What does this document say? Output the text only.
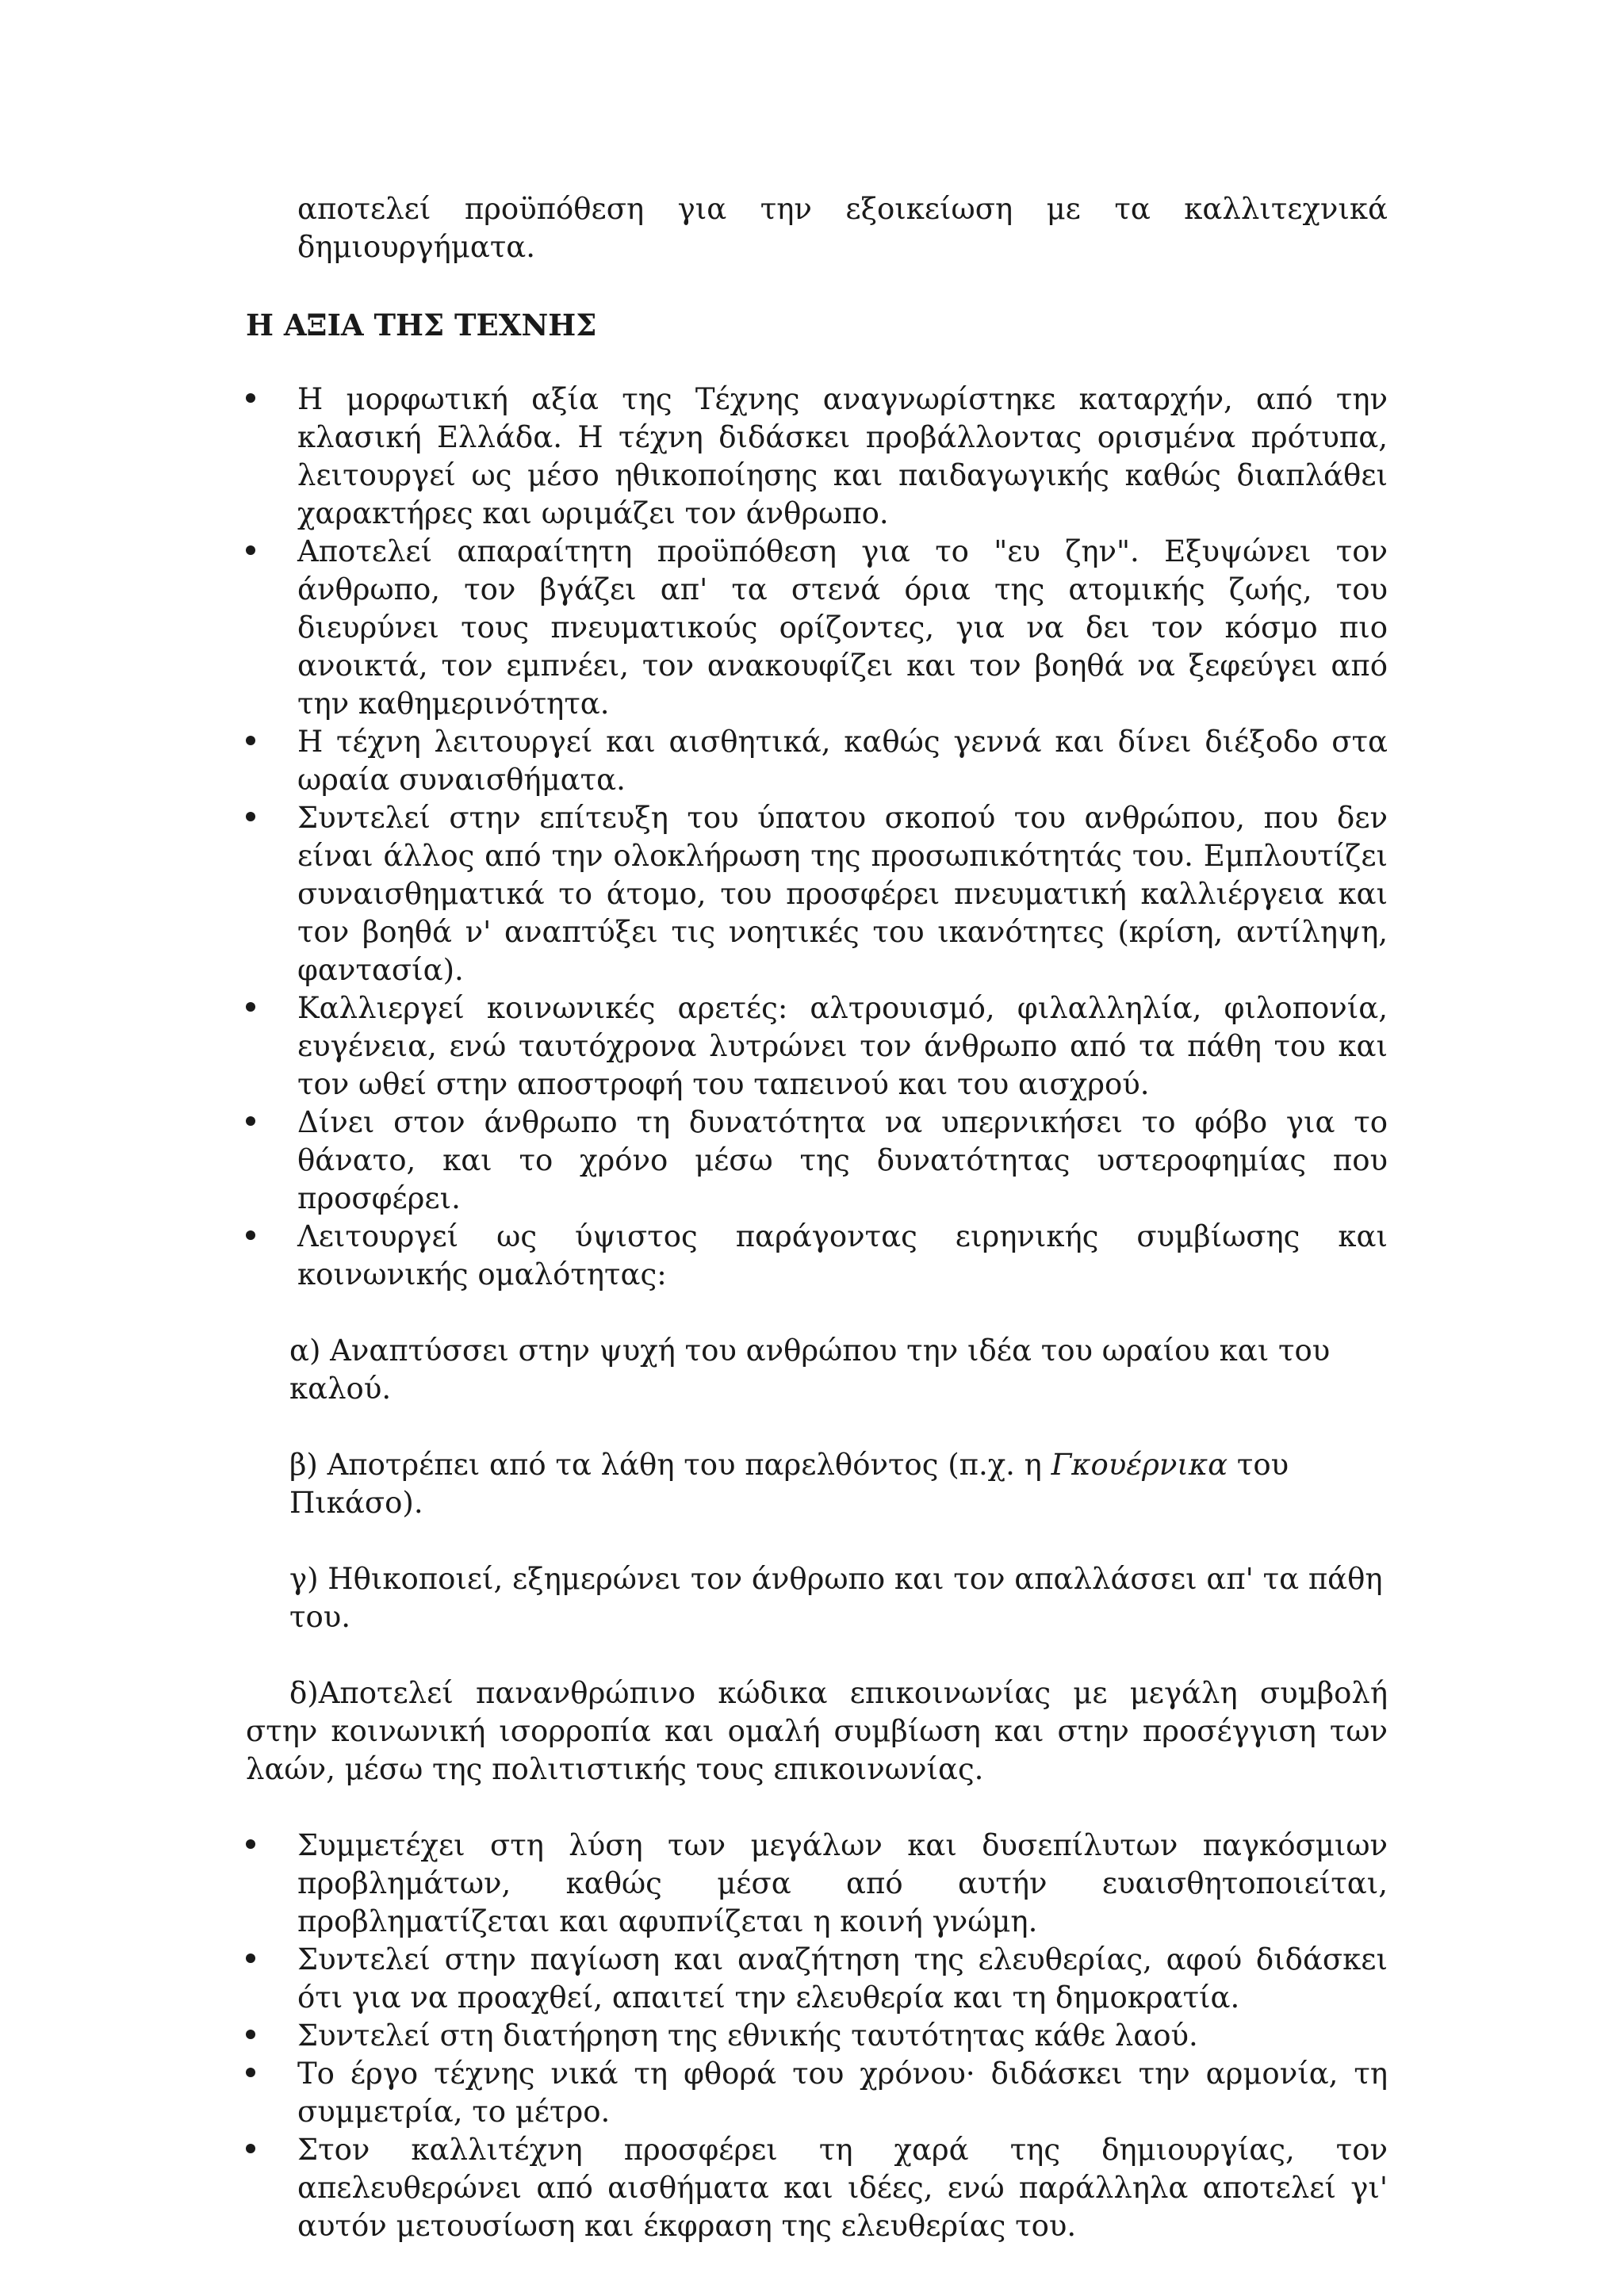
αποτελεί προϋπόθεση για την εξοικείωση με τα καλλιτεχνικά δημιουργήματα.

Η ΑΞΙΑ ΤΗΣ ΤΕΧΝΗΣ
Η μορφωτική αξία της Τέχνης αναγνωρίστηκε καταρχήν, από την κλασική Ελλάδα. Η τέχνη διδάσκει προβάλλοντας ορισμένα πρότυπα, λειτουργεί ως μέσο ηθικοποίησης και παιδαγωγικής καθώς διαπλάθει χαρακτήρες και ωριμάζει τον άνθρωπο.
Αποτελεί απαραίτητη προϋπόθεση για το "ευ ζην". Εξυψώνει τον άνθρωπο, τον βγάζει απ' τα στενά όρια της ατομικής ζωής, του διευρύνει τους πνευματικούς ορίζοντες, για να δει τον κόσμο πιο ανοικτά, τον εμπνέει, τον ανακουφίζει και τον βοηθά να ξεφεύγει από την καθημερινότητα.
Η τέχνη λειτουργεί και αισθητικά, καθώς γεννά και δίνει διέξοδο στα ωραία συναισθήματα.
Συντελεί στην επίτευξη του ύπατου σκοπού του ανθρώπου, που δεν είναι άλλος από την ολοκλήρωση της προσωπικότητάς του. Εμπλουτίζει συναισθηματικά το άτομο, του προσφέρει πνευματική καλλιέργεια και τον βοηθά ν' αναπτύξει τις νοητικές του ικανότητες (κρίση, αντίληψη, φαντασία).
Καλλιεργεί κοινωνικές αρετές: αλτρουισμό, φιλαλληλία, φιλοπονία, ευγένεια, ενώ ταυτόχρονα λυτρώνει τον άνθρωπο από τα πάθη του και τον ωθεί στην αποστροφή του ταπεινού και του αισχρού.
Δίνει στον άνθρωπο τη δυνατότητα να υπερνικήσει το φόβο για το θάνατο, και το χρόνο μέσω της δυνατότητας υστεροφημίας που προσφέρει.
Λειτουργεί ως ύψιστος παράγοντας ειρηνικής συμβίωσης και κοινωνικής ομαλότητας:

α) Αναπτύσσει στην ψυχή του ανθρώπου την ιδέα του ωραίου και του καλού.

β) Αποτρέπει από τα λάθη του παρελθόντος (π.χ. η Γκουέρνικα του Πικάσο).

γ) Ηθικοποιεί, εξημερώνει τον άνθρωπο και τον απαλλάσσει απ' τα πάθη του.

δ)Αποτελεί πανανθρώπινο κώδικα επικοινωνίας με μεγάλη συμβολή στην κοινωνική ισορροπία και ομαλή συμβίωση και στην προσέγγιση των λαών, μέσω της πολιτιστικής τους επικοινωνίας.

Συμμετέχει στη λύση των μεγάλων και δυσεπίλυτων παγκόσμιων προβλημάτων, καθώς μέσα από αυτήν ευαισθητοποιείται, προβληματίζεται και αφυπνίζεται η κοινή γνώμη.
Συντελεί στην παγίωση και αναζήτηση της ελευθερίας, αφού διδάσκει ότι για να προαχθεί, απαιτεί την ελευθερία και τη δημοκρατία.
Συντελεί στη διατήρηση της εθνικής ταυτότητας κάθε λαού.
Το έργο τέχνης νικά τη φθορά του χρόνου· διδάσκει την αρμονία, τη συμμετρία, το μέτρο.
Στον καλλιτέχνη προσφέρει τη χαρά της δημιουργίας, τον απελευθερώνει από αισθήματα και ιδέες, ενώ παράλληλα αποτελεί γι' αυτόν μετουσίωση και έκφραση της ελευθερίας του.
